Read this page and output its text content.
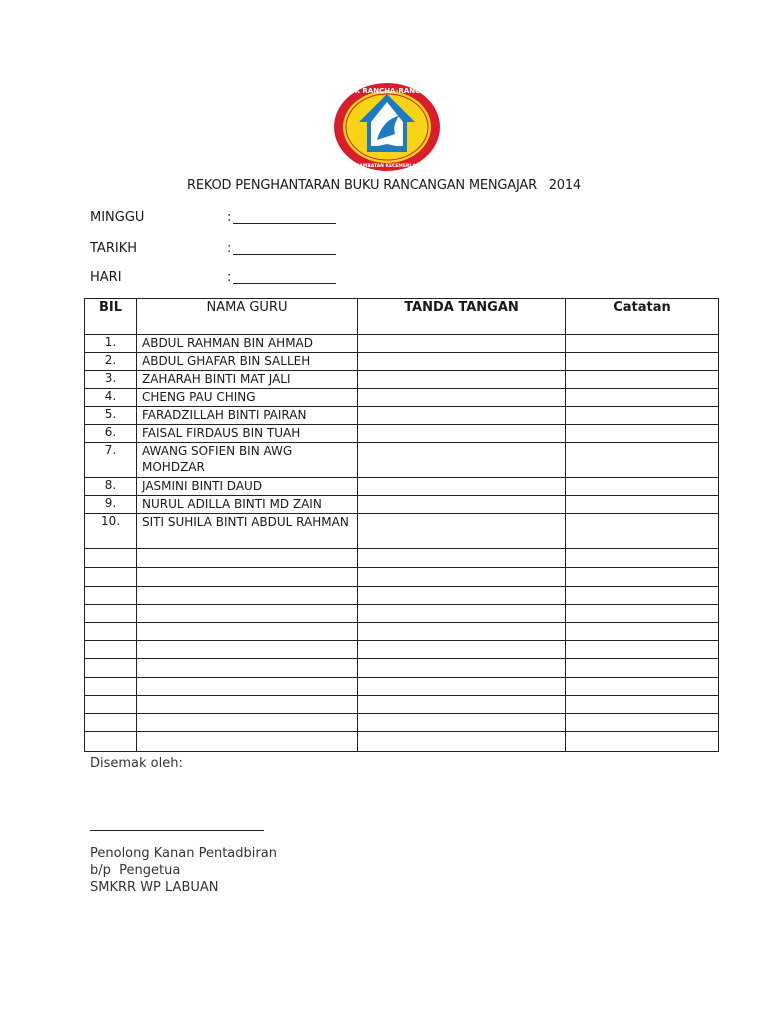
SMK RANCHA-RANCHA
ILMU JAMBATAN KECEMERLANGAN
REKOD PENGHANTARAN BUKU RANCANGAN MENGAJAR   2014
MINGGU	:
TARIKH	:
HARI	:
BIL	NAMA GURU	TANDA TANGAN	Catatan
1.	ABDUL RAHMAN BIN AHMAD		
2.	ABDUL GHAFAR BIN SALLEH		
3.	ZAHARAH BINTI MAT JALI		
4.	CHENG PAU CHING		
5.	FARADZILLAH BINTI PAIRAN		
6.	FAISAL FIRDAUS BIN TUAH		
7.	AWANG SOFIEN BIN AWG MOHDZAR		
8.	JASMINI BINTI DAUD		
9.	NURUL ADILLA BINTI MD ZAIN		
10.	SITI SUHILA BINTI ABDUL RAHMAN		

Disemak oleh:
Penolong Kanan Pentadbiran
b/p  Pengetua
SMKRR WP LABUAN
